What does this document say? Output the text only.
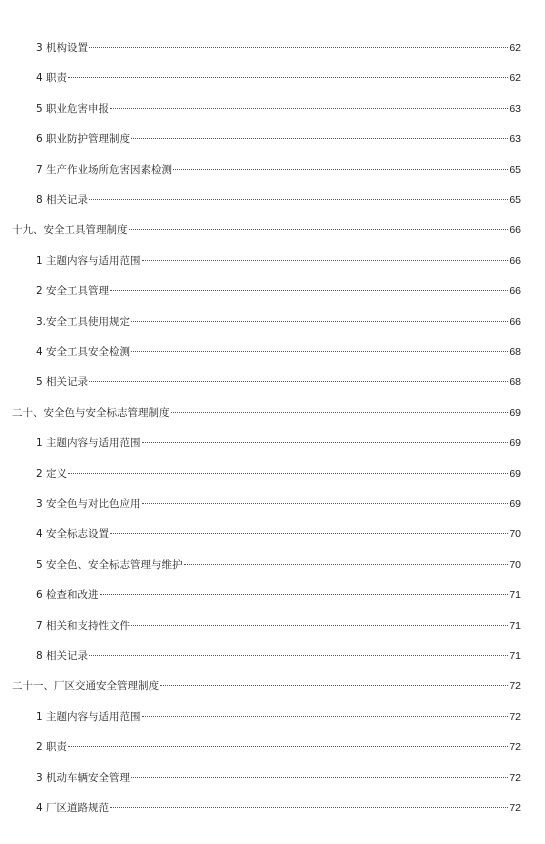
3 机构设置	62
4 职责	62
5 职业危害申报	63
6 职业防护管理制度	63
7 生产作业场所危害因素检测	65
8 相关记录	65
十九、安全工具管理制度	66
1 主题内容与适用范围	66
2 安全工具管理	66
3.安全工具使用规定	66
4 安全工具安全检测	68
5 相关记录	68
二十、安全色与安全标志管理制度	69
1 主题内容与适用范围	69
2 定义	69
3 安全色与对比色应用	69
4 安全标志设置	70
5 安全色、安全标志管理与维护	70
6 检查和改进	71
7 相关和支持性文件	71
8 相关记录	71
二十一、厂区交通安全管理制度	72
1 主题内容与适用范围	72
2 职责	72
3 机动车辆安全管理	72
4 厂区道路规范	72
